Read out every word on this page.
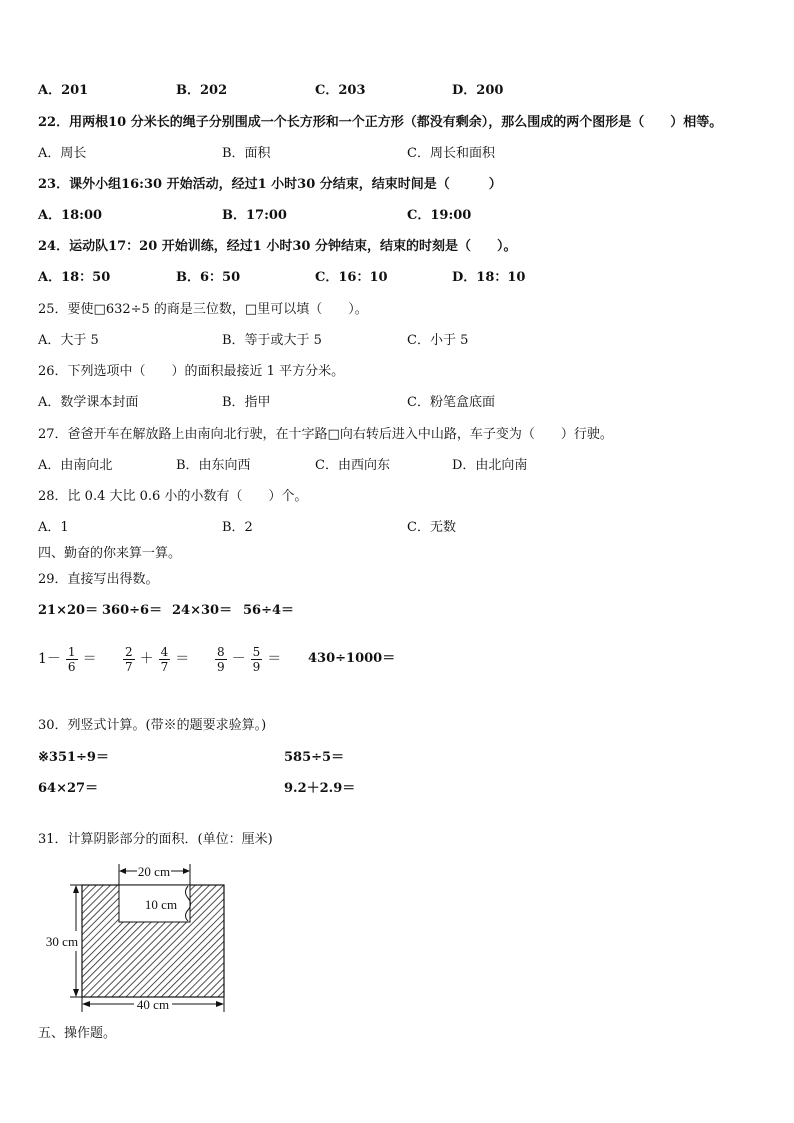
A．201	B．202	C．203	D．200
22．用两根10 分米长的绳子分别围成一个长方形和一个正方形（都没有剩余），那么围成的两个图形是（　　）相等。
A．周长	B．面积	C．周长和面积
23．课外小组16:30 开始活动，经过1 小时30 分结束，结束时间是（　　　）
A．18:00	B．17:00	C．19:00
24．运动队17：20 开始训练，经过1 小时30 分钟结束，结束的时刻是（　　）。
A．18：50	B．6：50	C．16：10	D．18：10
25．要使□632÷5 的商是三位数，□里可以填（　　）。
A．大于 5	B．等于或大于 5	C．小于 5
26．下列选项中（　　）的面积最接近 1 平方分米。
A．数学课本封面	B．指甲	C．粉笔盒底面
27．爸爸开车在解放路上由南向北行驶，在十字路□向右转后进入中山路，车子变为（　　）行驶。
A．由南向北	B．由东向西	C．由西向东	D．由北向南
28．比 0.4 大比 0.6 小的小数有（　　）个。
A．1	B．2	C．无数
四、勤奋的你来算一算。
29．直接写出得数。
21×20＝ 360÷6＝ 24×30＝ 56÷4＝
$1- \frac{1}{6} = \frac{2}{7} + \frac{4}{7} = \frac{8}{9} - \frac{5}{9} = 430\div 1000=$
30．列竖式计算。(带※的题要求验算。)
※351÷9＝	585÷5＝
64×27＝	9.2＋2.9＝
31．计算阴影部分的面积．(单位：厘米)
20 cm
10 cm
30 cm
40 cm
五、操作题。
